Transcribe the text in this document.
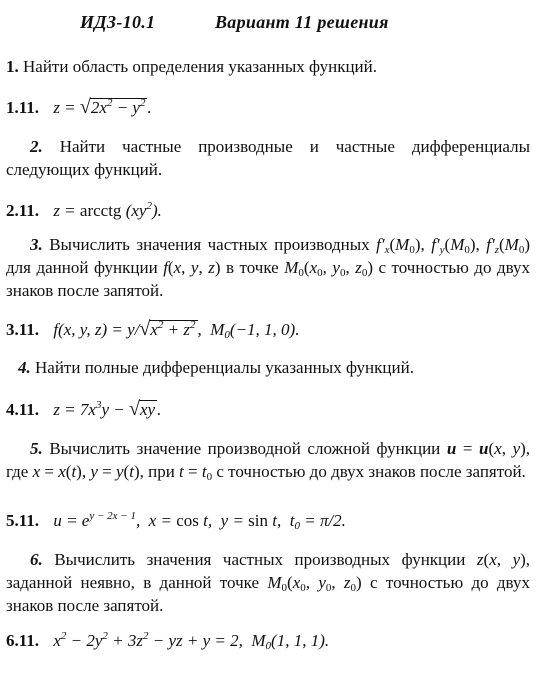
ИДЗ-10.1	Вариант 11 решения
1. Найти область определения указанных функций.
1.11. $z = √2x^2 - y^2$ .
2. Найти частные производные и частные дифференциалы следующих функций.
2.11. z = arcctg $(xy^2)$.
3. Вычислить значения частных производных $f'_x(M_0)$, $f'_y(M_0)$, $f'_z(M_0)$ для данной функции f(x, y, z) в точке $M_0(x_0$, $y_0$, $z_0$) с точностью до двух знаков после запятой.
3.11. f(x, y, $z) = y/√x^2 + z^2$ ,  $M_0(-1$, 1, 0).
4. Найти полные дифференциалы указанных функций.
4.11. $z = 7x^3y - √xy$ .
5. Вычислить значение производной сложной функции u = u(x, y), где x = x(t), y = y(t), при $t = t_0$ с точностью до двух знаков после запятой.
5.11. $u = e^{y - 2x - 1}$,  x = cos t,  y = sin t,  $t_0 = \pi/2$.
6. Вычислить значения частных производных функции z(x, y), заданной неявно, в данной точке $M_0(x_0$, $y_0$, $z_0$) с точностью до двух знаков после запятой.
6.11. $x^2 - 2y^2 + 3z^2$ − yz + y = 2,  $M_0(1$, 1, 1).
